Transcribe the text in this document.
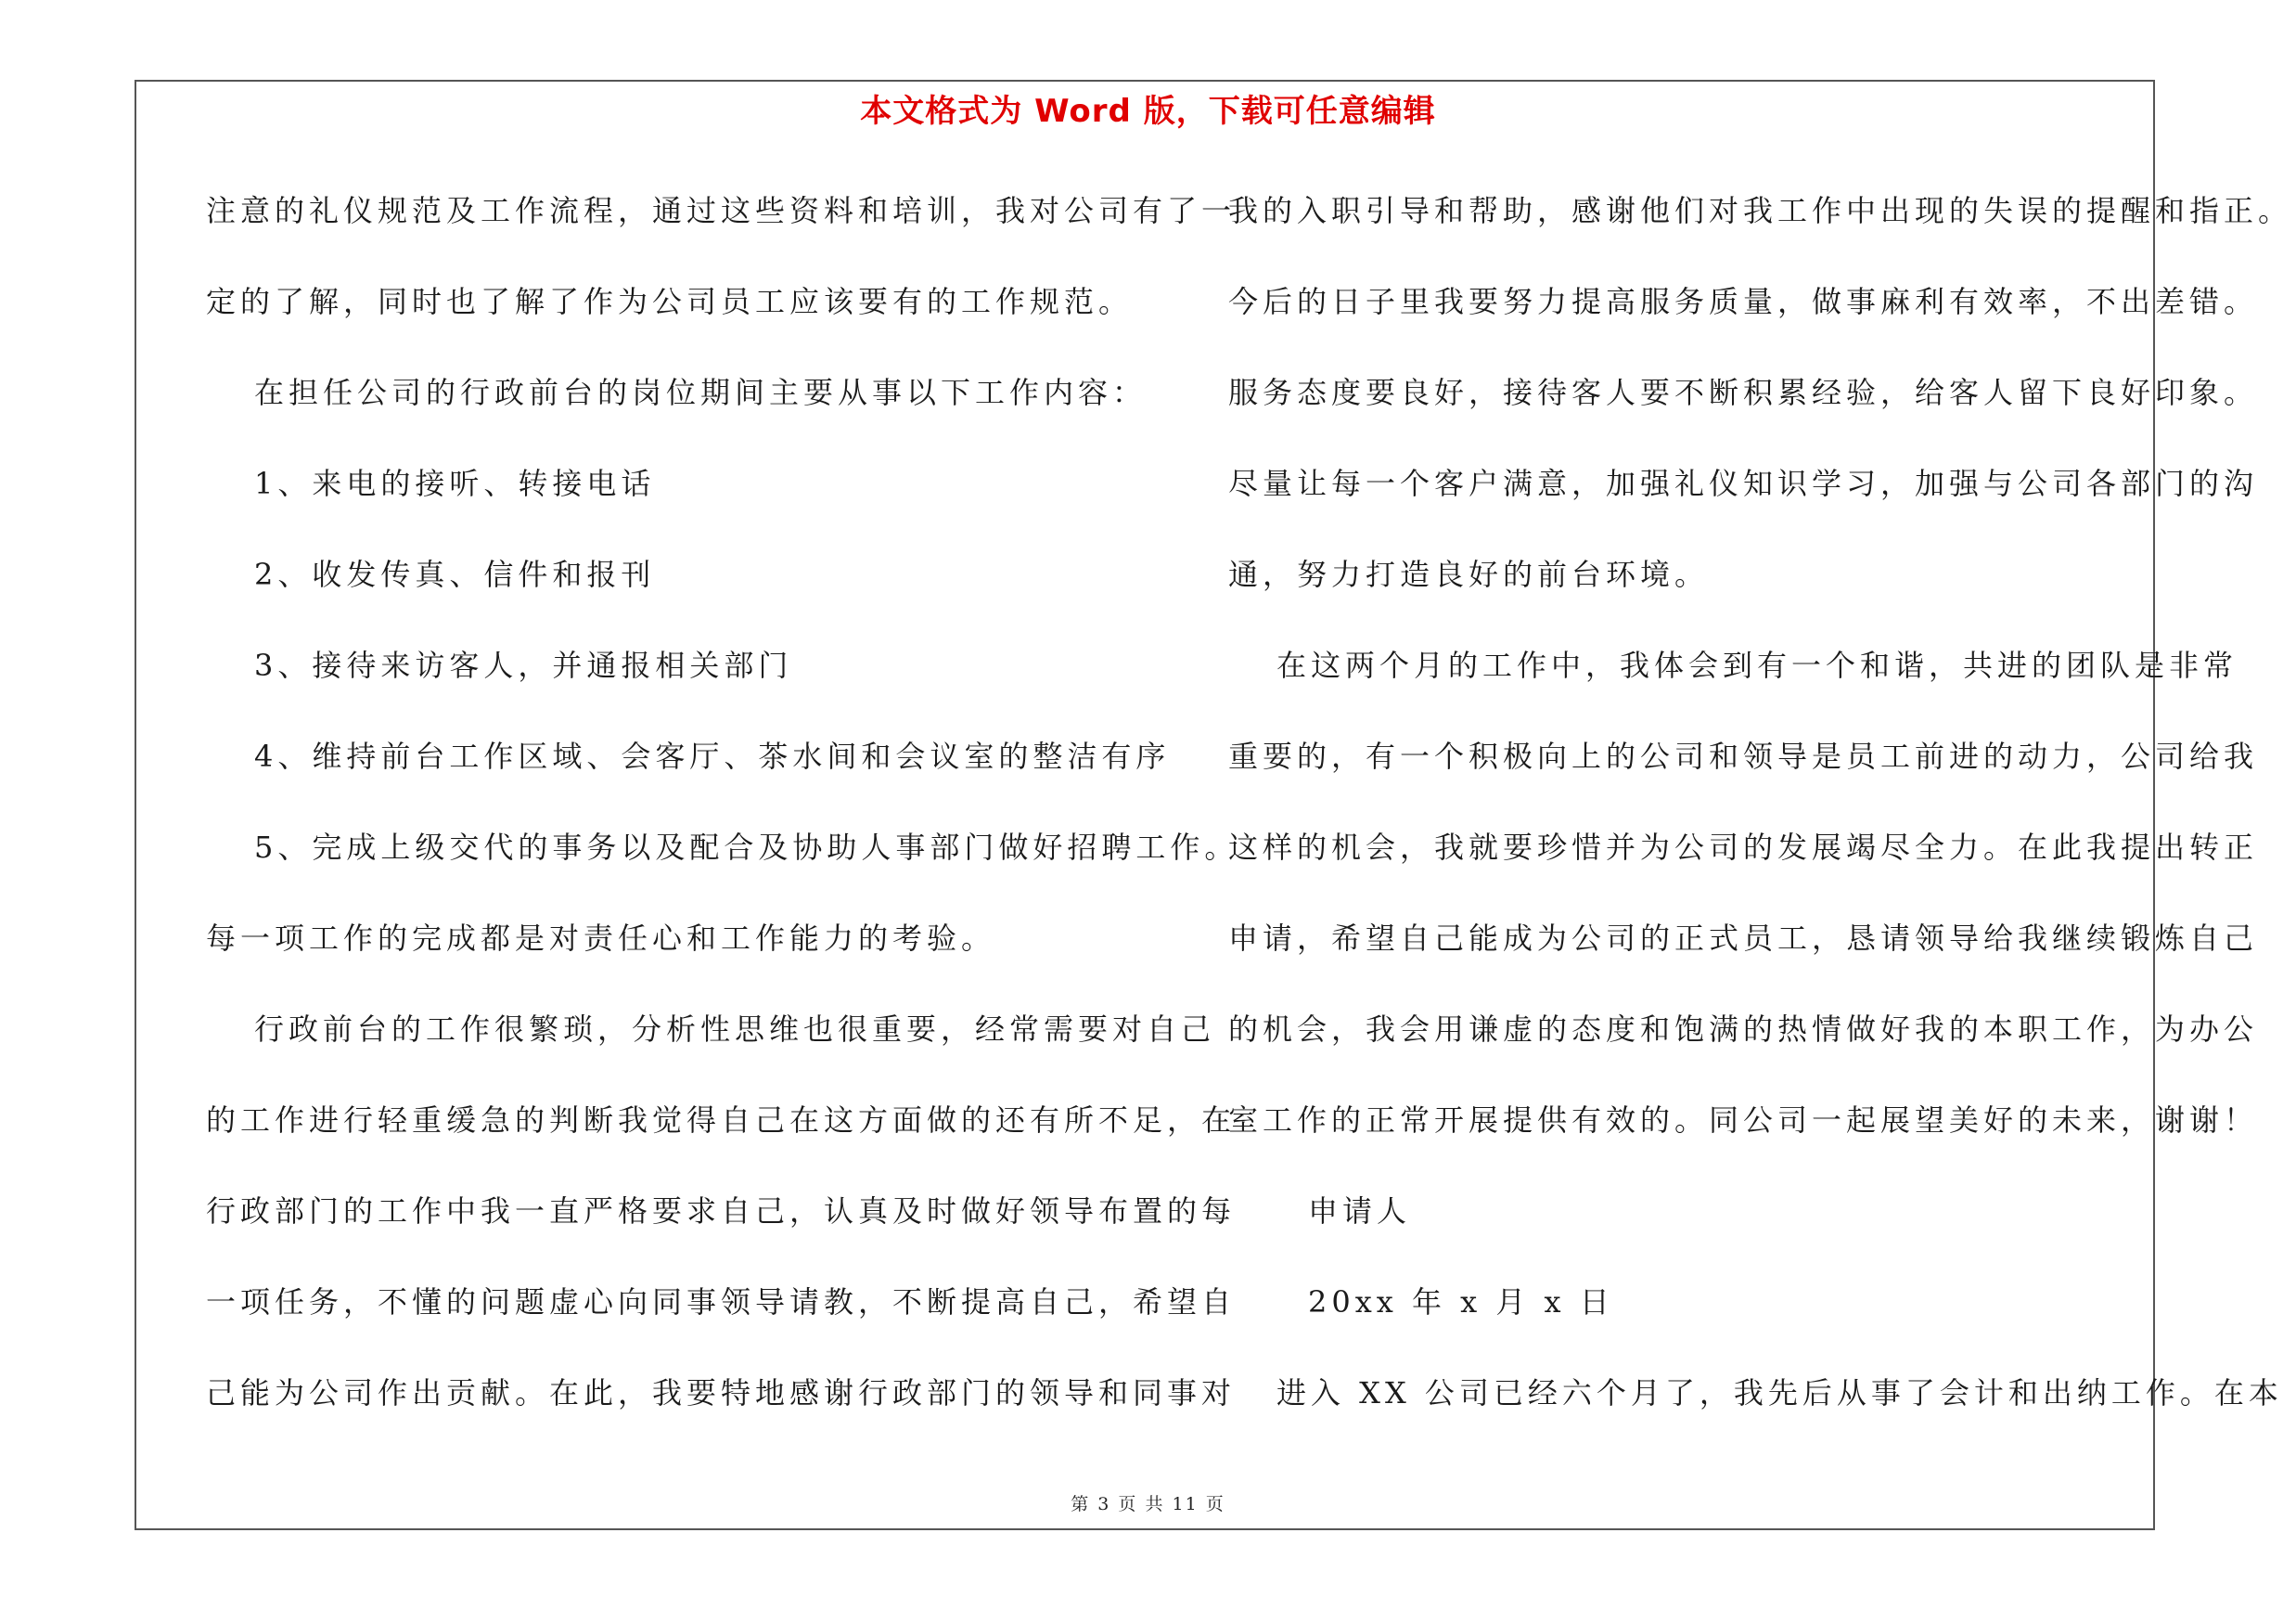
本文格式为 Word 版，下载可任意编辑
注意的礼仪规范及工作流程，通过这些资料和培训，我对公司有了一
定的了解，同时也了解了作为公司员工应该要有的工作规范。
在担任公司的行政前台的岗位期间主要从事以下工作内容：
1、来电的接听、转接电话
2、收发传真、信件和报刊
3、接待来访客人，并通报相关部门
4、维持前台工作区域、会客厅、茶水间和会议室的整洁有序
5、完成上级交代的事务以及配合及协助人事部门做好招聘工作。
每一项工作的完成都是对责任心和工作能力的考验。
行政前台的工作很繁琐，分析性思维也很重要，经常需要对自己
的工作进行轻重缓急的判断我觉得自己在这方面做的还有所不足，在
行政部门的工作中我一直严格要求自己，认真及时做好领导布置的每
一项任务，不懂的问题虚心向同事领导请教，不断提高自己，希望自
己能为公司作出贡献。在此，我要特地感谢行政部门的领导和同事对
我的入职引导和帮助，感谢他们对我工作中出现的失误的提醒和指正。
今后的日子里我要努力提高服务质量，做事麻利有效率，不出差错。
服务态度要良好，接待客人要不断积累经验，给客人留下良好印象。
尽量让每一个客户满意，加强礼仪知识学习，加强与公司各部门的沟
通，努力打造良好的前台环境。
在这两个月的工作中，我体会到有一个和谐，共进的团队是非常
重要的，有一个积极向上的公司和领导是员工前进的动力，公司给我
这样的机会，我就要珍惜并为公司的发展竭尽全力。在此我提出转正
申请，希望自己能成为公司的正式员工，恳请领导给我继续锻炼自己
的机会，我会用谦虚的态度和饱满的热情做好我的本职工作，为办公
室工作的正常开展提供有效的。同公司一起展望美好的未来，谢谢！
申请人
20xx 年 x 月 x 日
进入 XX 公司已经六个月了，我先后从事了会计和出纳工作。在本
第 3 页 共 11 页
